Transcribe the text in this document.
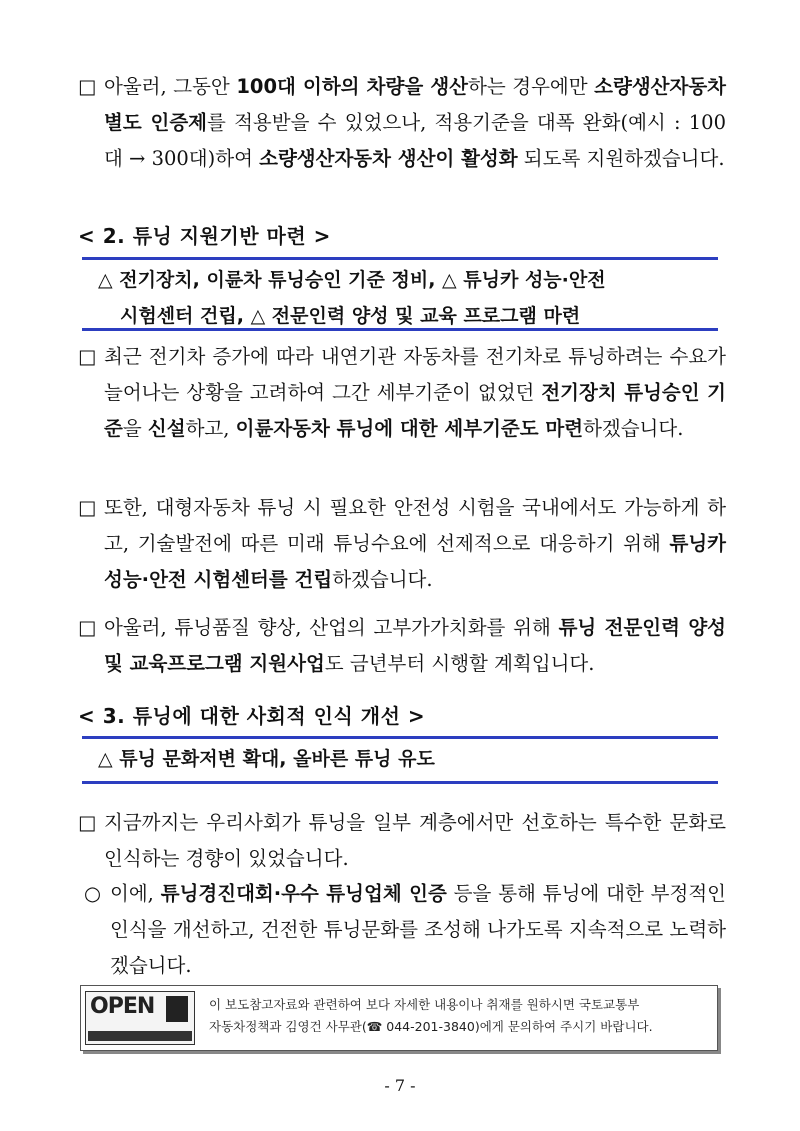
□ 아울러, 그동안 100대 이하의 차량을 생산하는 경우에만 소량생산자동차 별도 인증제를 적용받을 수 있었으나, 적용기준을 대폭 완화(예시 : 100대 → 300대)하여 소량생산자동차 생산이 활성화 되도록 지원하겠습니다.
< 2. 튜닝 지원기반 마련 >
△ 전기장치, 이륜차 튜닝승인 기준 정비, △ 튜닝카 성능·안전
시험센터 건립, △ 전문인력 양성 및 교육 프로그램 마련
□ 최근 전기차 증가에 따라 내연기관 자동차를 전기차로 튜닝하려는 수요가 늘어나는 상황을 고려하여 그간 세부기준이 없었던 전기장치 튜닝승인 기준을 신설하고, 이륜자동차 튜닝에 대한 세부기준도 마련하겠습니다.
□ 또한, 대형자동차 튜닝 시 필요한 안전성 시험을 국내에서도 가능하게 하고, 기술발전에 따른 미래 튜닝수요에 선제적으로 대응하기 위해 튜닝카 성능·안전 시험센터를 건립하겠습니다.
□ 아울러, 튜닝품질 향상, 산업의 고부가가치화를 위해 튜닝 전문인력 양성 및 교육프로그램 지원사업도 금년부터 시행할 계획입니다.
< 3. 튜닝에 대한 사회적 인식 개선 >
△ 튜닝 문화저변 확대, 올바른 튜닝 유도
□ 지금까지는 우리사회가 튜닝을 일부 계층에서만 선호하는 특수한 문화로 인식하는 경향이 있었습니다.
○ 이에, 튜닝경진대회·우수 튜닝업체 인증 등을 통해 튜닝에 대한 부정적인 인식을 개선하고, 건전한 튜닝문화를 조성해 나가도록 지속적으로 노력하겠습니다.
OPEN	이 보도참고자료와 관련하여 보다 자세한 내용이나 취재를 원하시면 국토교통부
자동차정책과 김영건 사무관(☎ 044-201-3840)에게 문의하여 주시기 바랍니다.
- 7 -
